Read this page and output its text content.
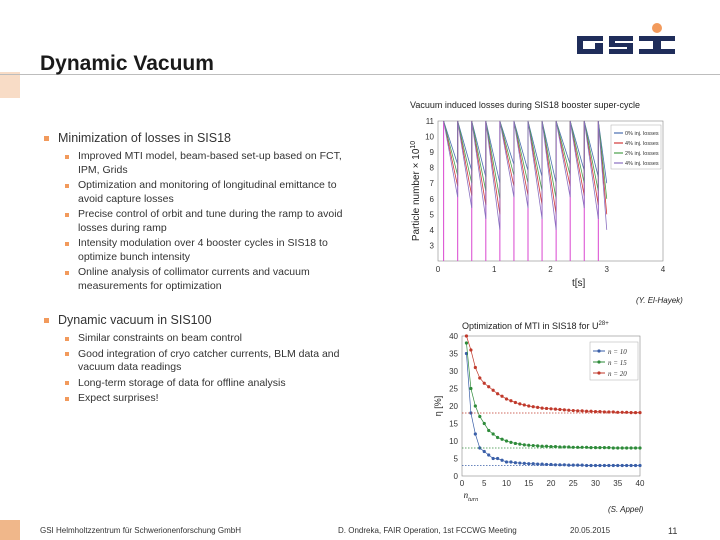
Dynamic Vacuum
Minimization of losses in SIS18
Improved MTI model, beam-based set-up based on FCT, IPM, Grids
Optimization and monitoring of longitudinal emittance to avoid capture losses
Precise control of orbit and tune during the ramp to avoid losses during ramp
Intensity modulation over 4 booster cycles in SIS18 to optimize bunch intensity
Online analysis of collimator currents and vacuum measurements for optimization
Dynamic vacuum in SIS100
Similar constraints on beam control
Good integration of cryo catcher currents, BLM data and vacuum data readings
Long-term storage of data for offline analysis
Expect surprises!
Vacuum induced losses during SIS18 booster super-cycle
3
4
5
6
7
8
9
10
11
0	1	2	3	4
t[s]
Particle number × $10^{10}$
0% inj. losses
4% inj. losses
2% inj. losses
4% inj. losses
(Y. El-Hayek)
Optimization of MTI in SIS18 for $U^{28+}$
0
5
10
15
20
25
30
35
40
0 5 10 15 20 25 30 35 40
$n_{turn}$
η [%]
n = 10
n = 15
n = 20
(S. Appel)
GSI Helmholtzzentrum für Schwerionenforschung GmbH	D. Ondreka, FAIR Operation, 1st FCCWG Meeting	20.05.2015	11
